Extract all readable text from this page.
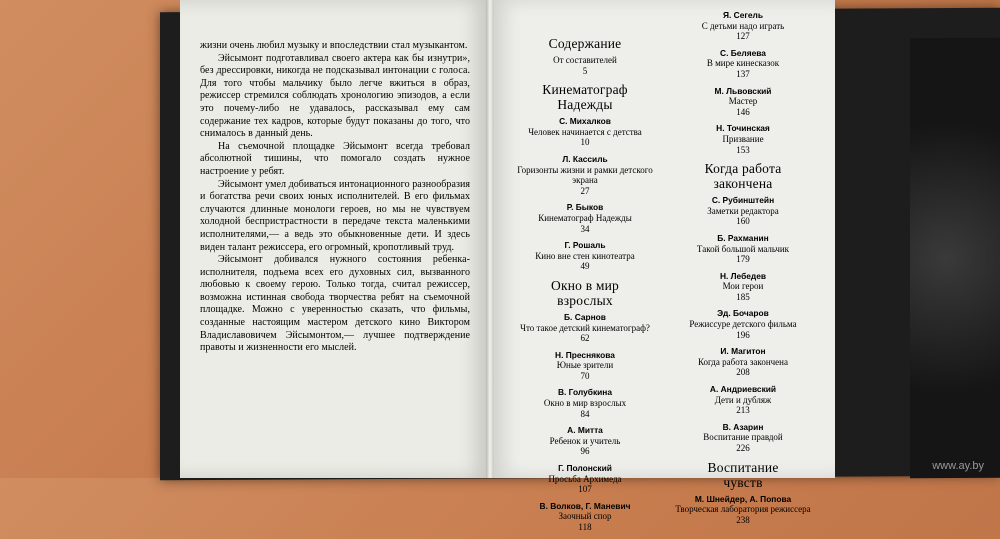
жизни очень любил музыку и впоследствии стал музыкантом.

Эйсымонт подготавливал своего актера как бы изнутри», без дрессировки, никогда не подсказывал интонации с голоса. Для того чтобы мальчику было легче вжиться в образ, режиссер стремился соблюдать хронологию эпизодов, а если это почему-либо не удавалось, рассказывал ему сам содержание тех кадров, которые будут показаны до того, что снималось в данный день.

На съемочной площадке Эйсымонт всегда требовал абсолютной тишины, что помогало создать нужное настроение у ребят.

Эйсымонт умел добиваться интонационного разнообразия и богатства речи своих юных исполнителей. В его фильмах случаются длинные монологи героев, но мы не чувствуем холодной беспристрастности в передаче текста маленькими исполнителями,— а ведь это обыкновенные дети. И здесь виден талант режиссера, его огромный, кропотливый труд.

Эйсымонт добивался нужного состояния ребенка-исполнителя, подъема всех его духовных сил, вызванного любовью к своему герою. Только тогда, считал режиссер, возможна истинная свобода творчества ребят на съемочной площадке. Можно с уверенностью сказать, что фильмы, созданные настоящим мастером детского кино Виктором Владиславовичем Эйсымонтом,— лучшее подтверждение правоты и жизненности его мыслей.

Содержание
От составителей
5
Кинематограф
Надежды
С. Михалков
Человек начинается с детства
10
Л. Кассиль
Горизонты жизни и рамки детского экрана
27
Р. Быков
Кинематограф Надежды
34
Г. Рошаль
Кино вне стен кинотеатра
49
Окно в мир
взрослых
Б. Сарнов
Что такое детский кинематограф?
62
Н. Преснякова
Юные зрители
70
В. Голубкина
Окно в мир взрослых
84
А. Митта
Ребенок и учитель
96
Г. Полонский
Просьба Архимеда
107
В. Волков, Г. Маневич
Заочный спор
118
Я. Сегель
С детьми надо играть
127
С. Беляева
В мире кинесказок
137
М. Львовский
Мастер
146
Н. Точинская
Призвание
153
Когда работа
закончена
С. Рубинштейн
Заметки редактора
160
Б. Рахманин
Такой большой мальчик
179
Н. Лебедев
Мои герои
185
Эд. Бочаров
Режиссуре детского фильма
196
И. Магитон
Когда работа закончена
208
А. Андриевский
Дети и дубляж
213
В. Азарин
Воспитание правдой
226
Воспитание
чувств
М. Шнейдер, А. Попова
Творческая лаборатория режиссера
238
www.ay.by
